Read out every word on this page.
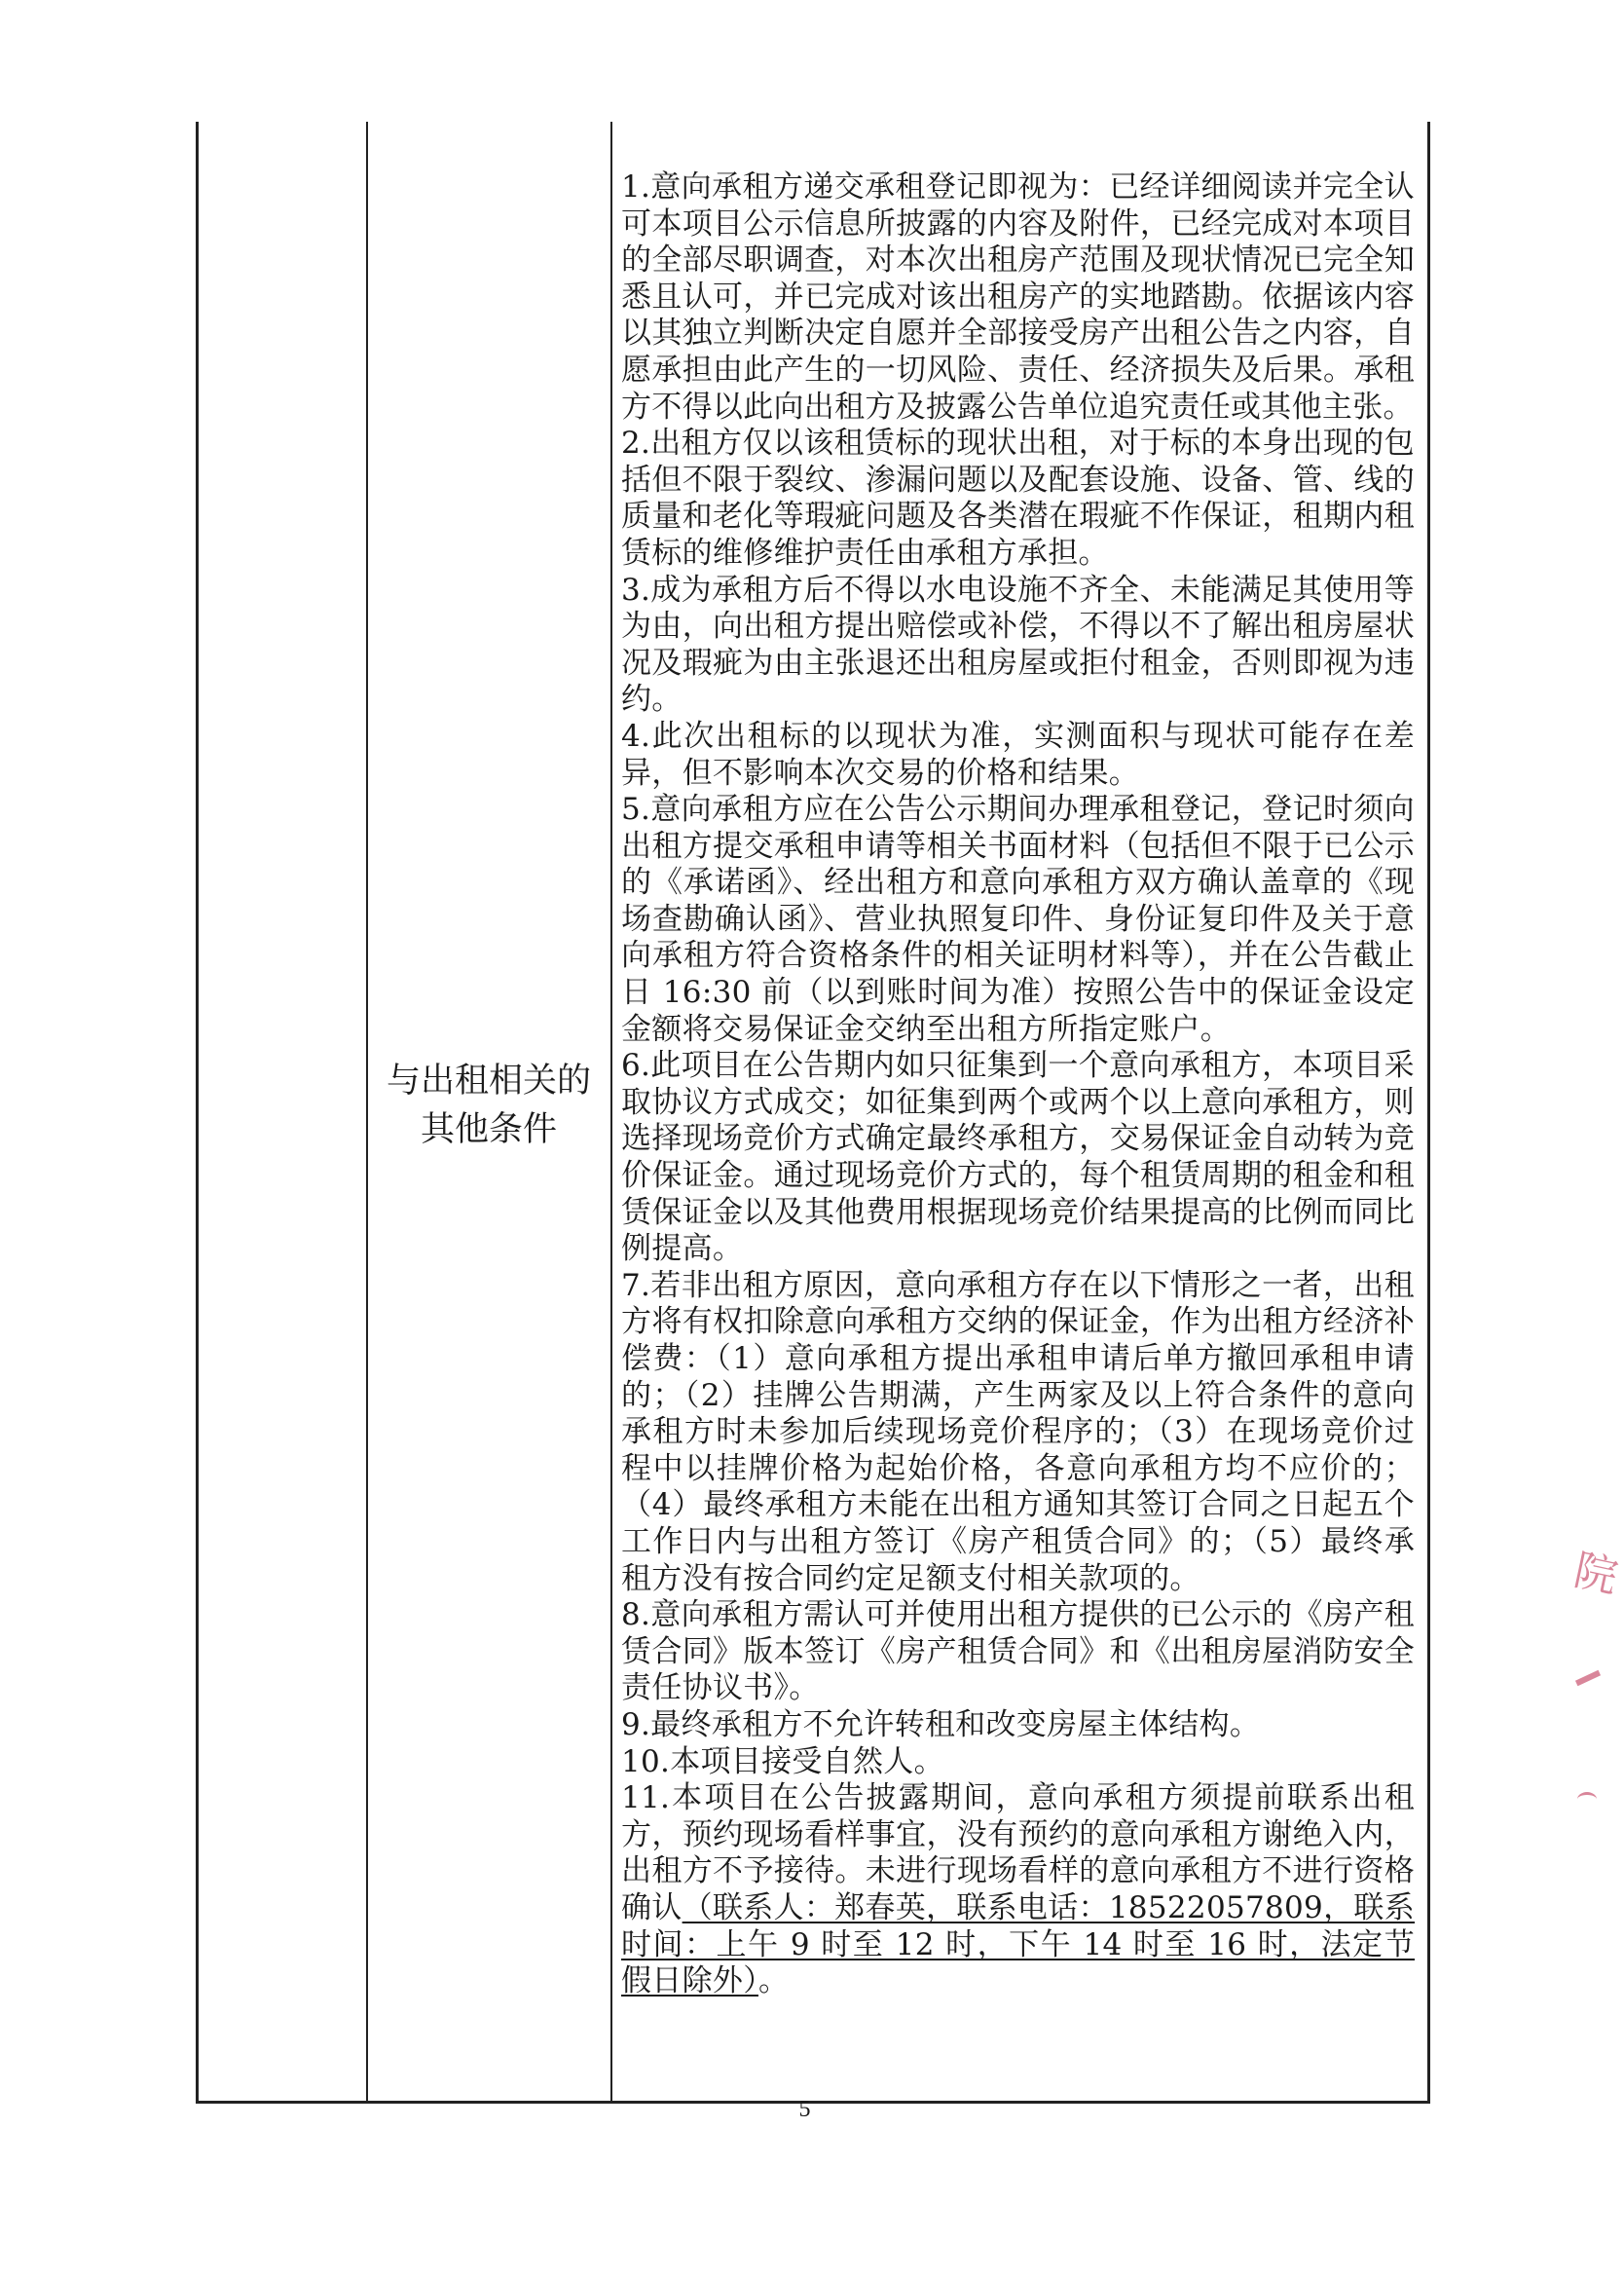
与出租相关的
其他条件

1.意向承租方递交承租登记即视为：已经详细阅读并完全认可本项目公示信息所披露的内容及附件，已经完成对本项目的全部尽职调查，对本次出租房产范围及现状情况已完全知悉且认可，并已完成对该出租房产的实地踏勘。依据该内容以其独立判断决定自愿并全部接受房产出租公告之内容，自愿承担由此产生的一切风险、责任、经济损失及后果。承租方不得以此向出租方及披露公告单位追究责任或其他主张。

2.出租方仅以该租赁标的现状出租，对于标的本身出现的包括但不限于裂纹、渗漏问题以及配套设施、设备、管、线的质量和老化等瑕疵问题及各类潜在瑕疵不作保证，租期内租赁标的维修维护责任由承租方承担。

3.成为承租方后不得以水电设施不齐全、未能满足其使用等为由，向出租方提出赔偿或补偿，不得以不了解出租房屋状况及瑕疵为由主张退还出租房屋或拒付租金，否则即视为违约。

4.此次出租标的以现状为准，实测面积与现状可能存在差异，但不影响本次交易的价格和结果。

5.意向承租方应在公告公示期间办理承租登记，登记时须向出租方提交承租申请等相关书面材料（包括但不限于已公示的《承诺函》、经出租方和意向承租方双方确认盖章的《现场查勘确认函》、营业执照复印件、身份证复印件及关于意向承租方符合资格条件的相关证明材料等），并在公告截止日 16:30 前（以到账时间为准）按照公告中的保证金设定金额将交易保证金交纳至出租方所指定账户。

6.此项目在公告期内如只征集到一个意向承租方，本项目采取协议方式成交；如征集到两个或两个以上意向承租方，则选择现场竞价方式确定最终承租方，交易保证金自动转为竞价保证金。通过现场竞价方式的，每个租赁周期的租金和租赁保证金以及其他费用根据现场竞价结果提高的比例而同比例提高。

7.若非出租方原因，意向承租方存在以下情形之一者，出租方将有权扣除意向承租方交纳的保证金，作为出租方经济补偿费：（1）意向承租方提出承租申请后单方撤回承租申请的；（2）挂牌公告期满，产生两家及以上符合条件的意向承租方时未参加后续现场竞价程序的；（3）在现场竞价过程中以挂牌价格为起始价格，各意向承租方均不应价的；（4）最终承租方未能在出租方通知其签订合同之日起五个工作日内与出租方签订《房产租赁合同》的；（5）最终承租方没有按合同约定足额支付相关款项的。

8.意向承租方需认可并使用出租方提供的已公示的《房产租赁合同》版本签订《房产租赁合同》和《出租房屋消防安全责任协议书》。

9.最终承租方不允许转租和改变房屋主体结构。

10.本项目接受自然人。

11.本项目在公告披露期间，意向承租方须提前联系出租方，预约现场看样事宜，没有预约的意向承租方谢绝入内，出租方不予接待。未进行现场看样的意向承租方不进行资格确认（联系人：郑春英，联系电话：18522057809，联系时间：上午 9 时至 12 时，下午 14 时至 16 时，法定节假日除外）。

5
院
